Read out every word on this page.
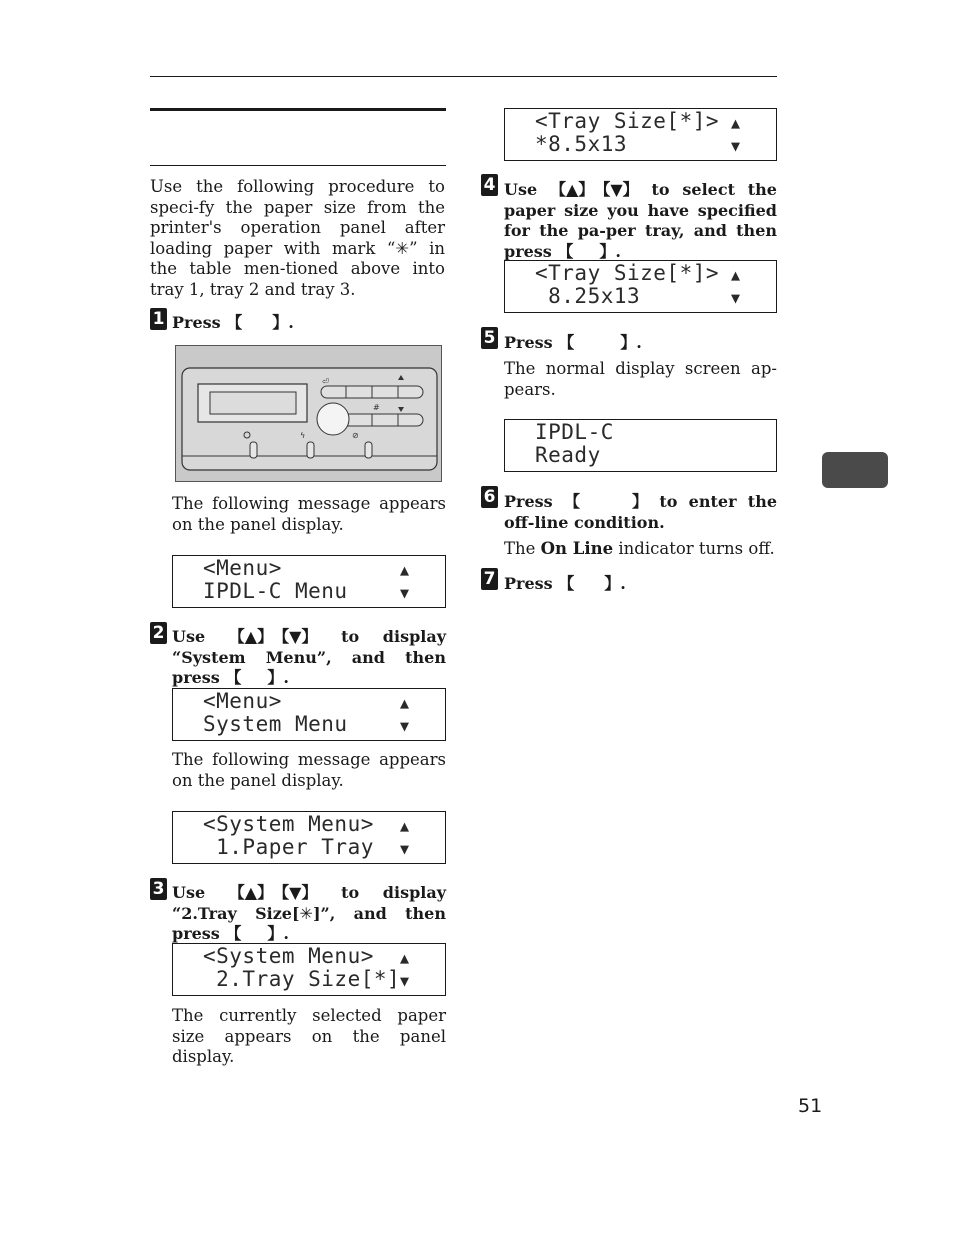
Use the following procedure to speci-fy the paper size from the printer's operation panel after loading paper with mark “✳” in the table men-tioned above into tray 1, tray 2 and tray 3.
1 Press 【 】.
⏎
#
ϟ	⊘
The following message appears on the panel display.
<Menu>
IPDL-C Menu
▲
▼
2 Use 【▲】【▼】 to display “System Menu”, and then press 【 】.
<Menu>
System Menu
▲
▼
The following message appears on the panel display.
<System Menu>
1.Paper Tray
▲
▼
3 Use 【▲】【▼】 to display “2.Tray Size[✳]”, and then press 【 】.
<System Menu>
2.Tray Size[*]
▲
▼
The currently selected paper size appears on the panel display.
<Tray Size[*]>
*8.5x13
▲
▼
4 Use 【▲】【▼】 to select the paper size you have specified for the pa-per tray, and then press 【 】.
<Tray Size[*]>
8.25x13
▲
▼
5 Press 【	】.
The normal display screen ap-pears.
IPDL-C
Ready
6 Press 【	】 to enter the off-line condition.
The On Line indicator turns off.
7 Press 【 】.
51
